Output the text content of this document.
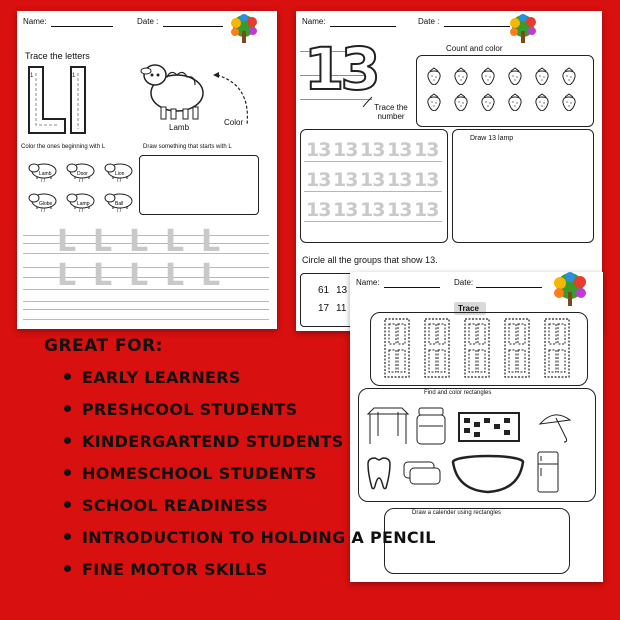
Name:	Date :
Trace the letters
1	1
Lamb
Color
Color the ones beginning with L	Draw something that starts with L
Lamb
/ /
Door
/ /
Lion
/ /
Globe
/ /
Lamp
/ /
Ball
/ /
L L L L L
L L L L L
Name:	Date :
13
Trace the number
Count and color
13 13 13 13 13
13 13 13 13 13
13 13 13 13 13
Draw 13 lamp
Circle all the groups that show 13.
61 13
17 11
Name:	Date:
Trace
Find and color rectangles
Draw a calender using rectangles
GREAT FOR:
EARLY LEARNERS
PRESHCOOL STUDENTS
KINDERGARTEND STUDENTS
HOMESCHOOL STUDENTS
SCHOOL READINESS
INTRODUCTION TO HOLDING A PENCIL
FINE MOTOR SKILLS
